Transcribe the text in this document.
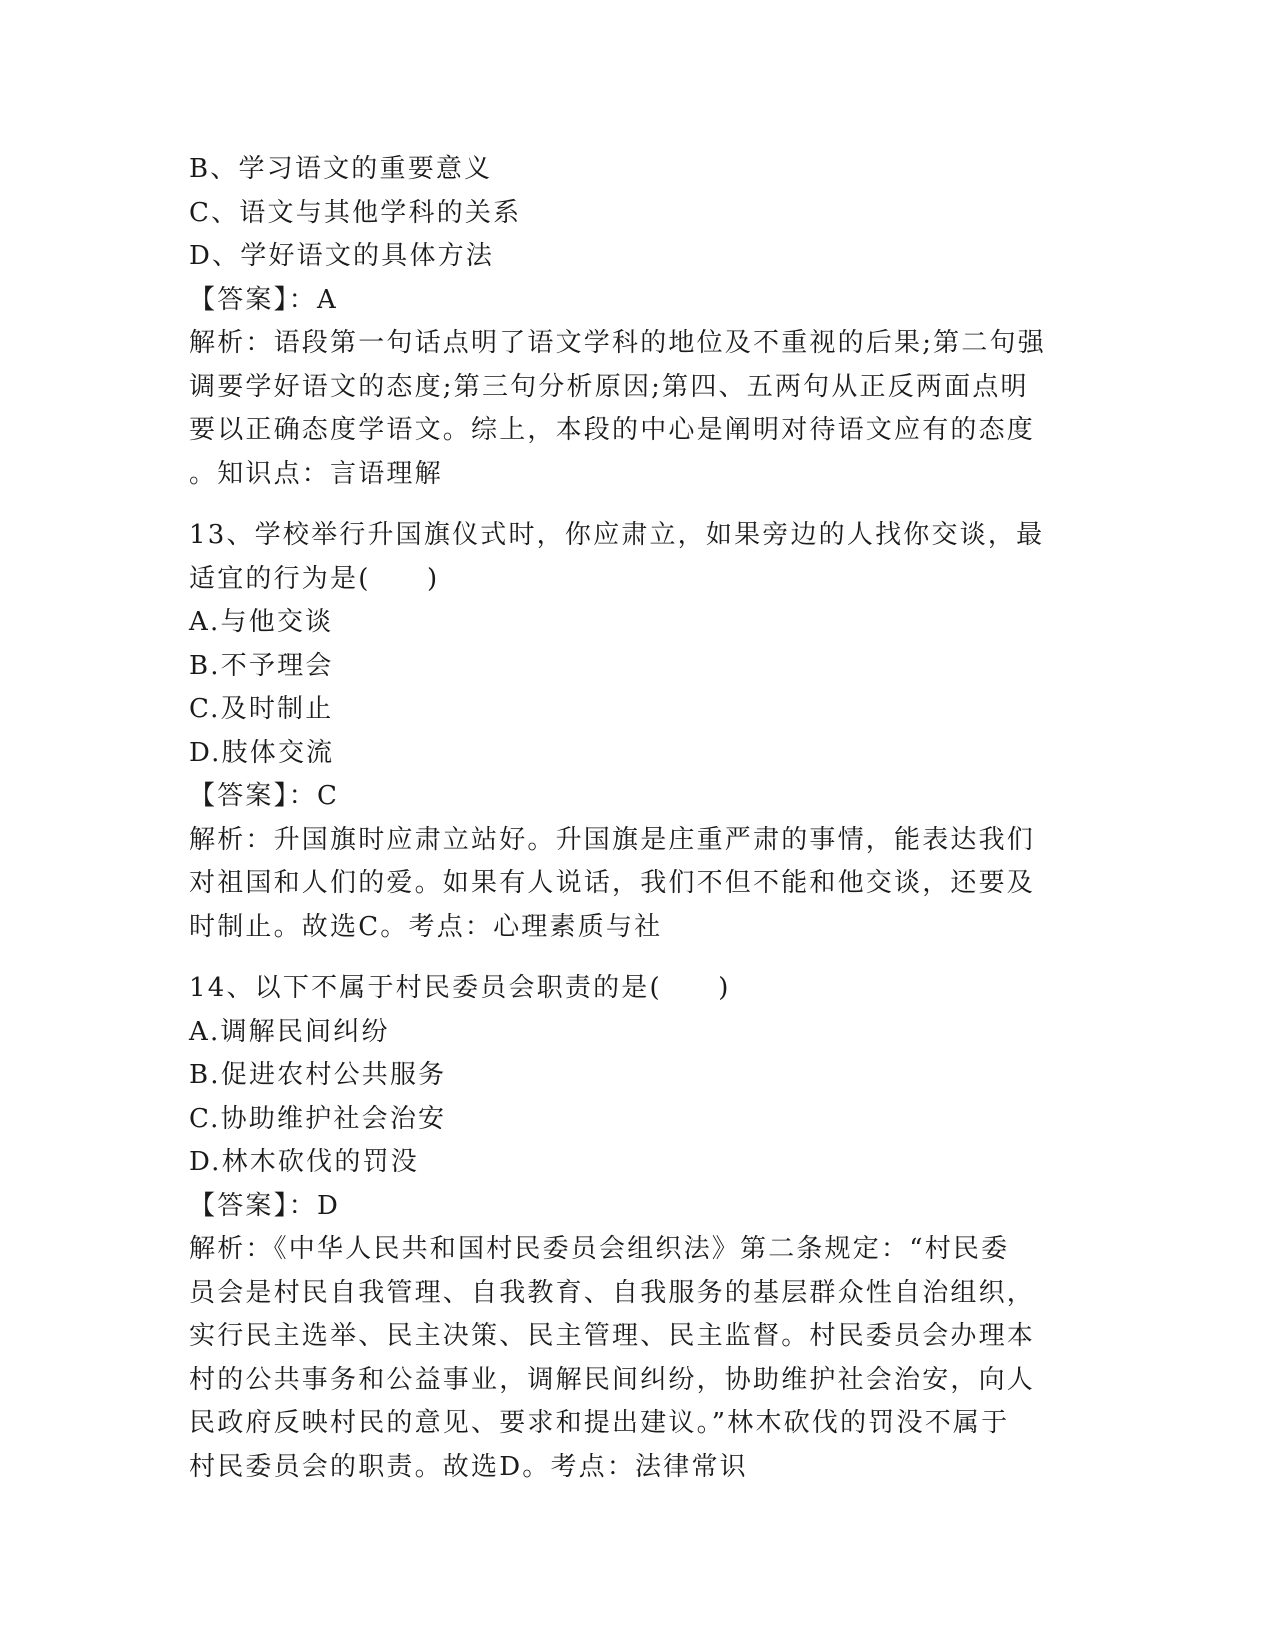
B、学习语文的重要意义
C、语文与其他学科的关系
D、学好语文的具体方法
【答案】：A
解析：语段第一句话点明了语文学科的地位及不重视的后果;第二句强
调要学好语文的态度;第三句分析原因;第四、五两句从正反两面点明
要以正确态度学语文。综上，本段的中心是阐明对待语文应有的态度
。知识点：言语理解
13、学校举行升国旗仪式时，你应肃立，如果旁边的人找你交谈，最
适宜的行为是(　　)
A.与他交谈
B.不予理会
C.及时制止
D.肢体交流
【答案】：C
解析：升国旗时应肃立站好。升国旗是庄重严肃的事情，能表达我们
对祖国和人们的爱。如果有人说话，我们不但不能和他交谈，还要及
时制止。故选C。考点：心理素质与社
14、以下不属于村民委员会职责的是(　　)
A.调解民间纠纷
B.促进农村公共服务
C.协助维护社会治安
D.林木砍伐的罚没
【答案】：D
解析：《中华人民共和国村民委员会组织法》第二条规定：“村民委
员会是村民自我管理、自我教育、自我服务的基层群众性自治组织，
实行民主选举、民主决策、民主管理、民主监督。村民委员会办理本
村的公共事务和公益事业，调解民间纠纷，协助维护社会治安，向人
民政府反映村民的意见、要求和提出建议。”林木砍伐的罚没不属于
村民委员会的职责。故选D。考点：法律常识
